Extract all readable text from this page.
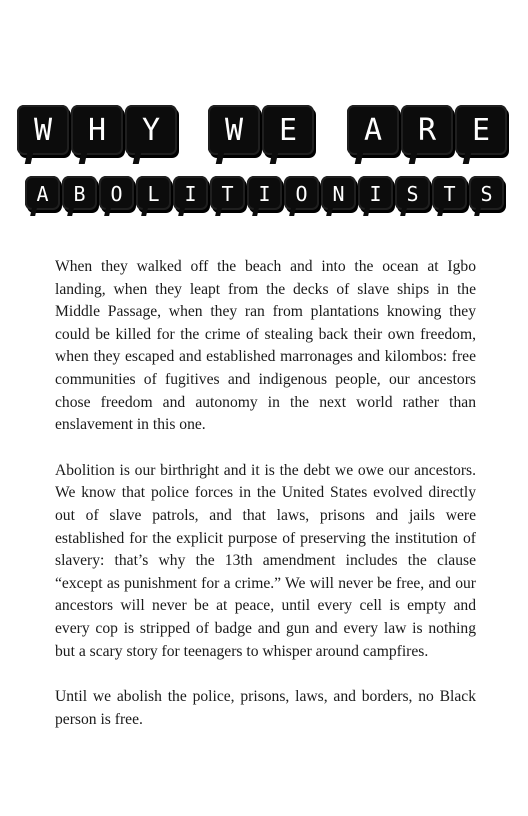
W	H	Y	W	E	A	R	E
A	B	O	L	I	T	I	O	N	I	S	T	S

When they walked off the beach and into the ocean at Igbo landing, when they leapt from the decks of slave ships in the Middle Passage, when they ran from plantations knowing they could be killed for the crime of stealing back their own freedom, when they escaped and established marronages and kilombos: free communities of fugitives and indigenous people, our ancestors chose freedom and autonomy in the next world rather than enslavement in this one.

Abolition is our birthright and it is the debt we owe our ancestors. We know that police forces in the United States evolved directly out of slave patrols, and that laws, prisons and jails were established for the explicit purpose of preserving the institution of slavery: that’s why the 13th amendment includes the clause “except as punishment for a crime.” We will never be free, and our ancestors will never be at peace, until every cell is empty and every cop is stripped of badge and gun and every law is nothing but a scary story for teenagers to whisper around campfires.

Until we abolish the police, prisons, laws, and borders, no Black person is free.
